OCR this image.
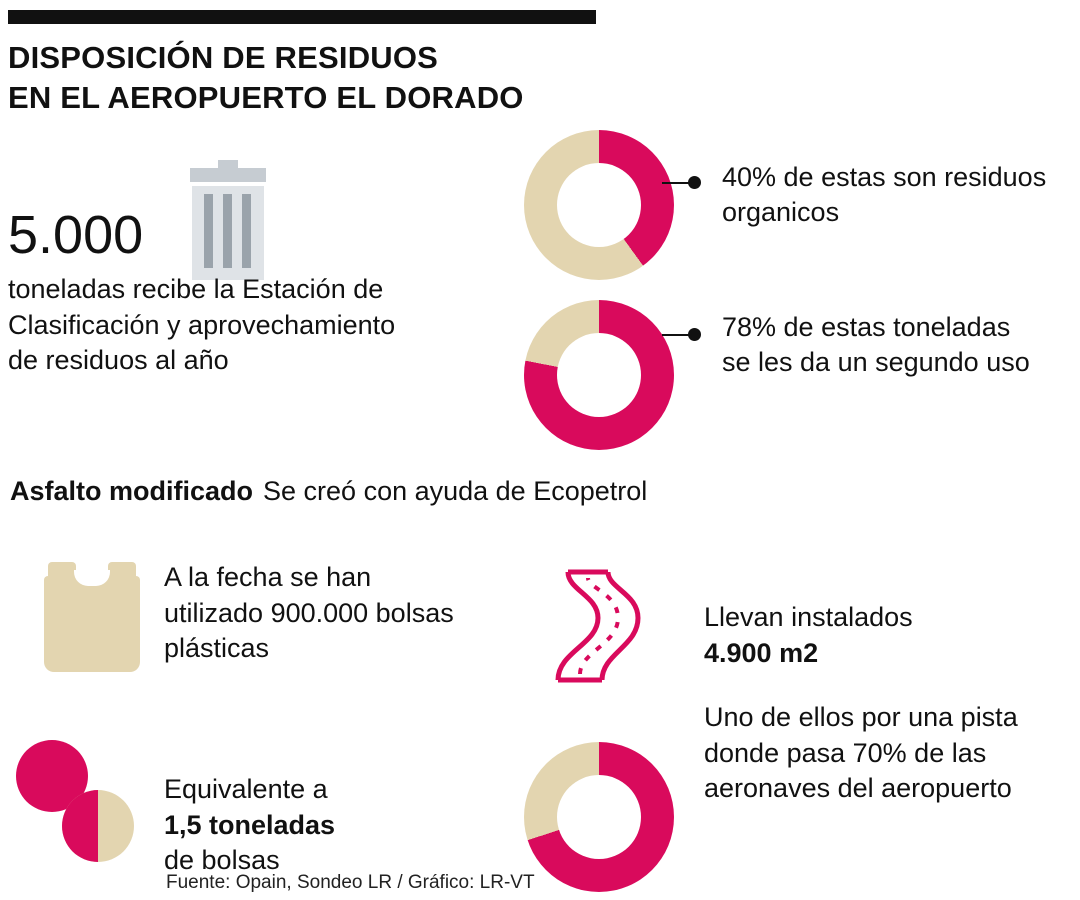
DISPOSICIÓN DE RESIDUOS
EN EL AEROPUERTO EL DORADO
5.000
toneladas recibe la Estación de Clasificación y aprovechamiento de residuos al año
40% de estas son residuos organicos
78% de estas toneladas se les da un segundo uso
Asfalto modificado Se creó con ayuda de Ecopetrol
A la fecha se han utilizado 900.000 bolsas plásticas
Equivalente a
1,5 toneladas
de bolsas
Llevan instalados
4.900 m2
Uno de ellos por una pista donde pasa 70% de las aeronaves del aeropuerto
Fuente: Opain, Sondeo LR / Gráfico: LR-VT
